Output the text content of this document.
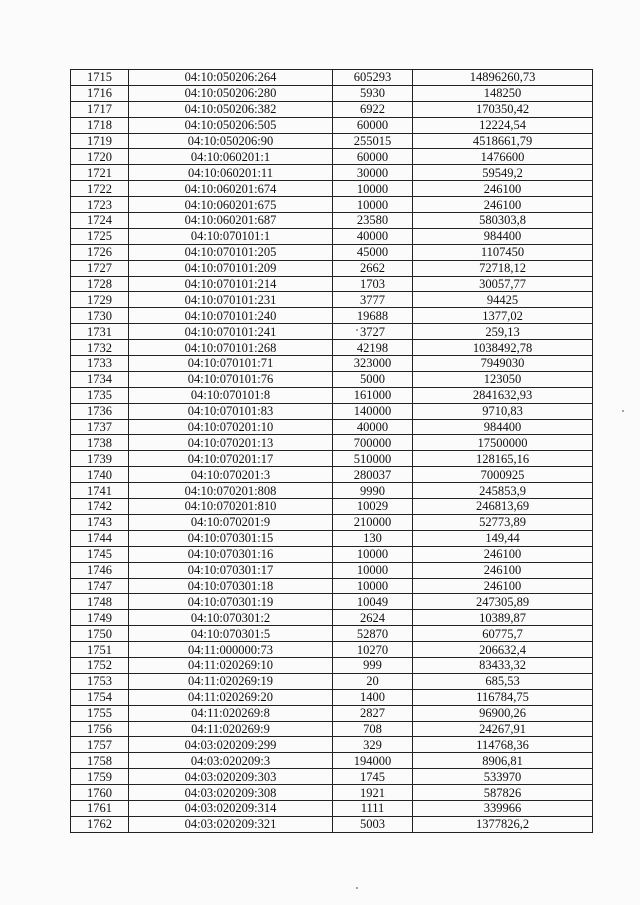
1715	04:10:050206:264	605293	14896260,73
1716	04:10:050206:280	5930	148250
1717	04:10:050206:382	6922	170350,42
1718	04:10:050206:505	60000	12224,54
1719	04:10:050206:90	255015	4518661,79
1720	04:10:060201:1	60000	1476600
1721	04:10:060201:11	30000	59549,2
1722	04:10:060201:674	10000	246100
1723	04:10:060201:675	10000	246100
1724	04:10:060201:687	23580	580303,8
1725	04:10:070101:1	40000	984400
1726	04:10:070101:205	45000	1107450
1727	04:10:070101:209	2662	72718,12
1728	04:10:070101:214	1703	30057,77
1729	04:10:070101:231	3777	94425
1730	04:10:070101:240	19688	1377,02
1731	04:10:070101:241	3727	259,13
1732	04:10:070101:268	42198	1038492,78
1733	04:10:070101:71	323000	7949030
1734	04:10:070101:76	5000	123050
1735	04:10:070101:8	161000	2841632,93
1736	04:10:070101:83	140000	9710,83
1737	04:10:070201:10	40000	984400
1738	04:10:070201:13	700000	17500000
1739	04:10:070201:17	510000	128165,16
1740	04:10:070201:3	280037	7000925
1741	04:10:070201:808	9990	245853,9
1742	04:10:070201:810	10029	246813,69
1743	04:10:070201:9	210000	52773,89
1744	04:10:070301:15	130	149,44
1745	04:10:070301:16	10000	246100
1746	04:10:070301:17	10000	246100
1747	04:10:070301:18	10000	246100
1748	04:10:070301:19	10049	247305,89
1749	04:10:070301:2	2624	10389,87
1750	04:10:070301:5	52870	60775,7
1751	04:11:000000:73	10270	206632,4
1752	04:11:020269:10	999	83433,32
1753	04:11:020269:19	20	685,53
1754	04:11:020269:20	1400	116784,75
1755	04:11:020269:8	2827	96900,26
1756	04:11:020269:9	708	24267,91
1757	04:03:020209:299	329	114768,36
1758	04:03:020209:3	194000	8906,81
1759	04:03:020209:303	1745	533970
1760	04:03:020209:308	1921	587826
1761	04:03:020209:314	1111	339966
1762	04:03:020209:321	5003	1377826,2
